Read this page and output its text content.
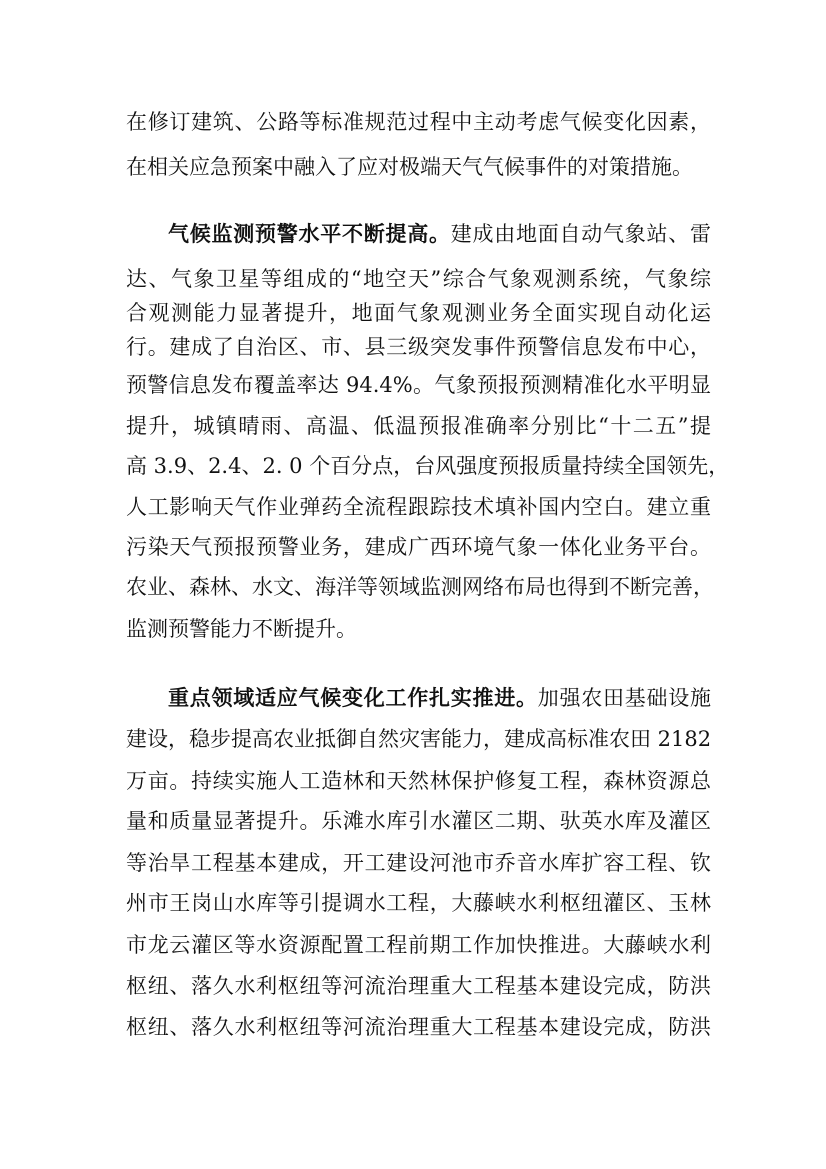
在修订建筑、公路等标准规范过程中主动考虑气候变化因素，
在相关应急预案中融入了应对极端天气气候事件的对策措施。
气候监测预警水平不断提高。建成由地面自动气象站、雷
达、气象卫星等组成的“地空天”综合气象观测系统，气象综
合观测能力显著提升，地面气象观测业务全面实现自动化运
行。建成了自治区、市、县三级突发事件预警信息发布中心，
预警信息发布覆盖率达 94.4%。气象预报预测精准化水平明显
提升，城镇晴雨、高温、低温预报准确率分别比“十二五”提
高 3.9、2.4、2. 0 个百分点，台风强度预报质量持续全国领先，
人工影响天气作业弹药全流程跟踪技术填补国内空白。建立重
污染天气预报预警业务，建成广西环境气象一体化业务平台。
农业、森林、水文、海洋等领域监测网络布局也得到不断完善，
监测预警能力不断提升。
重点领域适应气候变化工作扎实推进。加强农田基础设施
建设，稳步提高农业抵御自然灾害能力，建成高标准农田 2182
万亩。持续实施人工造林和天然林保护修复工程，森林资源总
量和质量显著提升。乐滩水库引水灌区二期、驮英水库及灌区
等治旱工程基本建成，开工建设河池市乔音水库扩容工程、钦
州市王岗山水库等引提调水工程，大藤峡水利枢纽灌区、玉林
市龙云灌区等水资源配置工程前期工作加快推进。大藤峡水利
枢纽、落久水利枢纽等河流治理重大工程基本建设完成，防洪
枢纽、落久水利枢纽等河流治理重大工程基本建设完成，防洪
